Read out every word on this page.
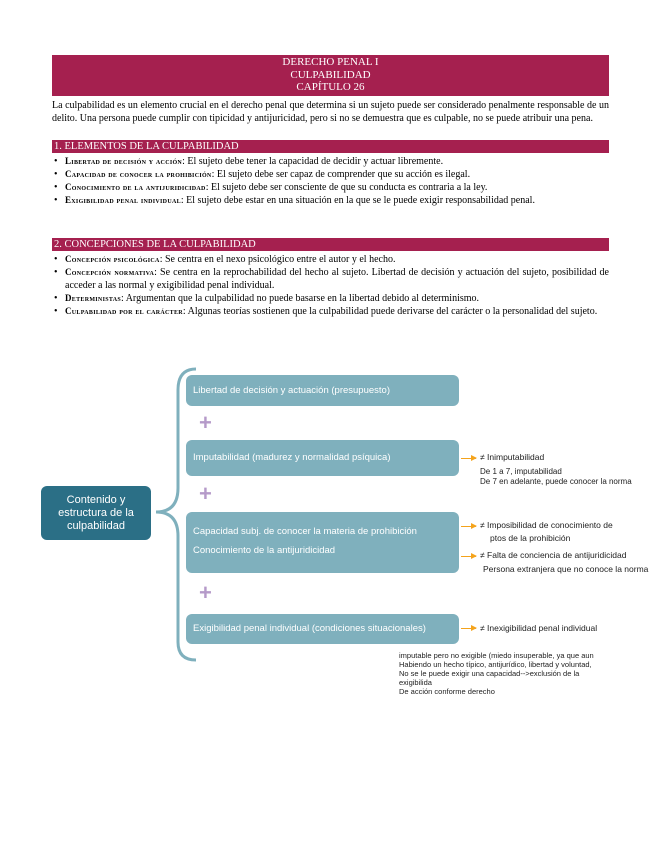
DERECHO PENAL I
CULPABILIDAD
CAPÍTULO 26
La culpabilidad es un elemento crucial en el derecho penal que determina si un sujeto puede ser considerado penalmente responsable de un delito. Una persona puede cumplir con tipicidad y antijuricidad, pero si no se demuestra que es culpable, no se puede atribuir una pena.
1. ELEMENTOS DE LA CULPABILIDAD
• Libertad de decisión y acción: El sujeto debe tener la capacidad de decidir y actuar libremente.
• Capacidad de conocer la prohibición: El sujeto debe ser capaz de comprender que su acción es ilegal.
• Conocimiento de la antijuridicidad: El sujeto debe ser consciente de que su conducta es contraria a la ley.
• Exigibilidad penal individual: El sujeto debe estar en una situación en la que se le puede exigir responsabilidad penal.
2. CONCEPCIONES DE LA CULPABILIDAD
• Concepción psicológica: Se centra en el nexo psicológico entre el autor y el hecho.
• Concepción normativa: Se centra en la reprochabilidad del hecho al sujeto. Libertad de decisión y actuación del sujeto, posibilidad de acceder a las normal y exigibilidad penal individual.
• Deterministas: Argumentan que la culpabilidad no puede basarse en la libertad debido al determinismo.
• Culpabilidad por el carácter: Algunas teorías sostienen que la culpabilidad puede derivarse del carácter o la personalidad del sujeto.
Contenido y estructura de la culpabilidad
Libertad de decisión y actuación (presupuesto)
+
Imputabilidad (madurez y normalidad psíquica)
+
Capacidad subj. de conocer la materia de prohibición
Conocimiento de la antijuridicidad
+
Exigibilidad penal individual (condiciones situacionales)
≠ Inimputabilidad
De 1 a 7, imputabilidad
De 7 en adelante, puede conocer la norma
≠ Imposibilidad de conocimiento de
ptos de la prohibición
≠ Falta de conciencia de antijuridicidad
Persona extranjera que no conoce la norma
≠ Inexigibilidad penal individual
imputable pero no exigible (miedo insuperable, ya que aun
Habiendo un hecho típico, antijurídico, libertad y voluntad,
No se le puede exigir una capacidad-->exclusión de la exigibilida
De acción conforme derecho
